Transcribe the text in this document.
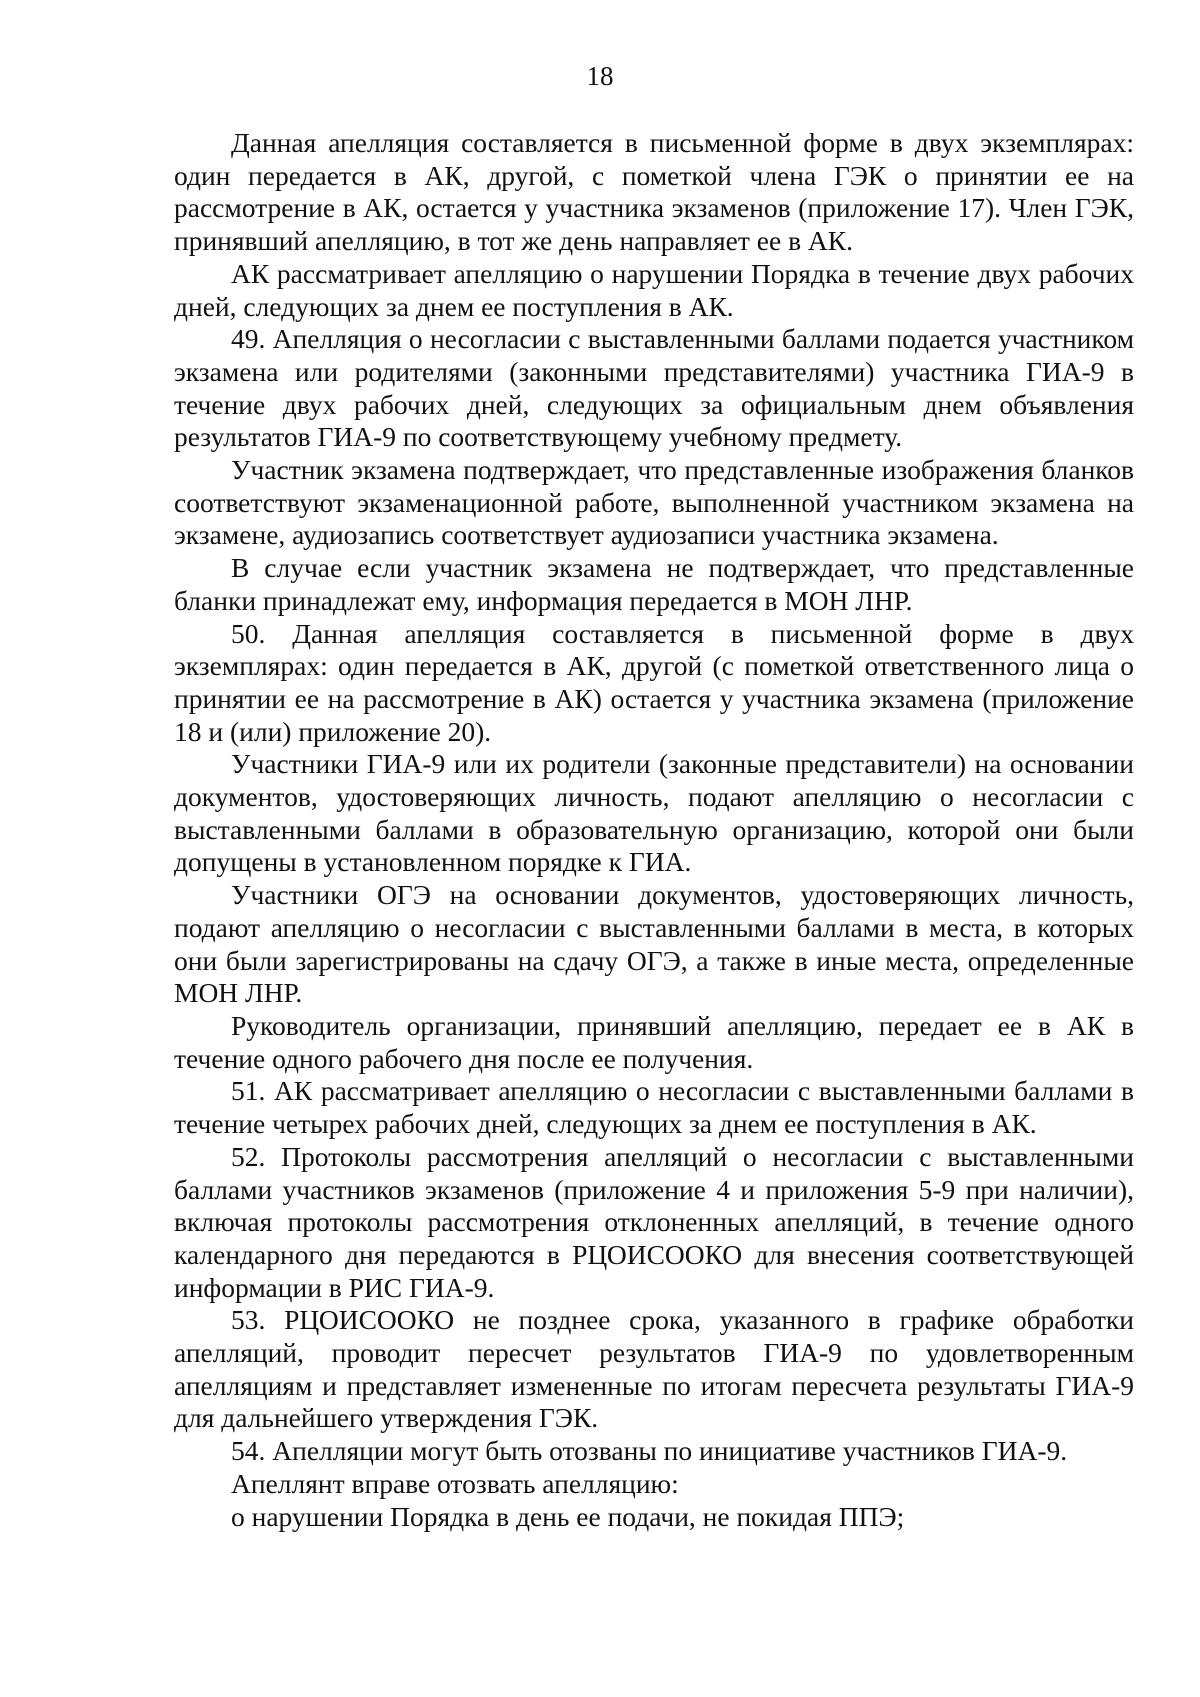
18

Данная апелляция составляется в письменной форме в двух экземплярах: один передается в АК, другой, с пометкой члена ГЭК о принятии ее на рассмотрение в АК, остается у участника экзаменов (приложение 17). Член ГЭК, принявший апелляцию, в тот же день направляет ее в АК.

АК рассматривает апелляцию о нарушении Порядка в течение двух рабочих дней, следующих за днем ее поступления в АК.

49. Апелляция о несогласии с выставленными баллами подается участником экзамена или родителями (законными представителями) участника ГИА-9 в течение двух рабочих дней, следующих за официальным днем объявления результатов ГИА-9 по соответствующему учебному предмету.

Участник экзамена подтверждает, что представленные изображения бланков соответствуют экзаменационной работе, выполненной участником экзамена на экзамене, аудиозапись соответствует аудиозаписи участника экзамена.

В случае если участник экзамена не подтверждает, что представленные бланки принадлежат ему, информация передается в МОН ЛНР.

50. Данная апелляция составляется в письменной форме в двух экземплярах: один передается в АК, другой (с пометкой ответственного лица о принятии ее на рассмотрение в АК) остается у участника экзамена (приложение 18 и (или) приложение 20).

Участники ГИА-9 или их родители (законные представители) на основании документов, удостоверяющих личность, подают апелляцию о несогласии с выставленными баллами в образовательную организацию, которой они были допущены в установленном порядке к ГИА.

Участники ОГЭ на основании документов, удостоверяющих личность, подают апелляцию о несогласии с выставленными баллами в места, в которых они были зарегистрированы на сдачу ОГЭ, а также в иные места, определенные МОН ЛНР.

Руководитель организации, принявший апелляцию, передает ее в АК в течение одного рабочего дня после ее получения.

51. АК рассматривает апелляцию о несогласии с выставленными баллами в течение четырех рабочих дней, следующих за днем ее поступления в АК.

52. Протоколы рассмотрения апелляций о несогласии с выставленными баллами участников экзаменов (приложение 4 и приложения 5-9 при наличии), включая протоколы рассмотрения отклоненных апелляций, в течение одного календарного дня передаются в РЦОИСООКО для внесения соответствующей информации в РИС ГИА-9.

53. РЦОИСООКО не позднее срока, указанного в графике обработки апелляций, проводит пересчет результатов ГИА-9 по удовлетворенным апелляциям и представляет измененные по итогам пересчета результаты ГИА-9 для дальнейшего утверждения ГЭК.

54. Апелляции могут быть отозваны по инициативе участников ГИА-9.

Апеллянт вправе отозвать апелляцию:

о нарушении Порядка в день ее подачи, не покидая ППЭ;
